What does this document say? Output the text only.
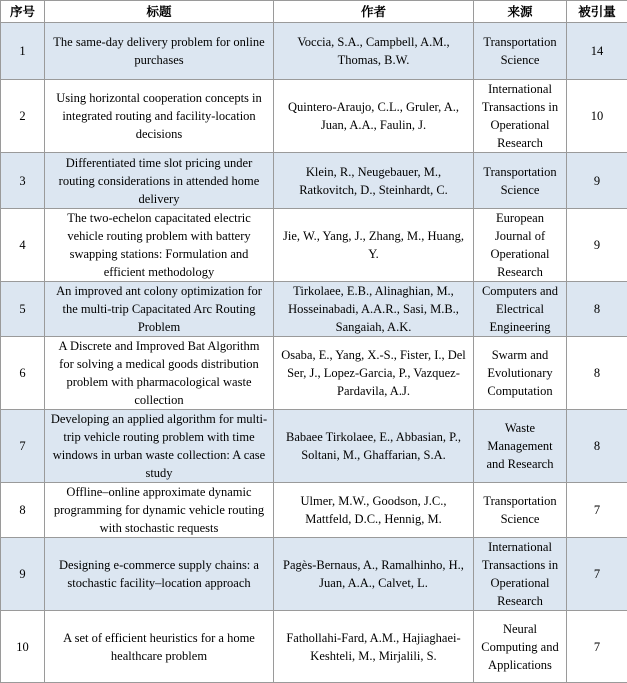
序号	标题	作者	来源	被引量
1	The same-day delivery problem for online purchases	Voccia, S.A., Campbell, A.M., Thomas, B.W.	Transportation Science	14
2	Using horizontal cooperation concepts in integrated routing and facility-location decisions	Quintero-Araujo, C.L., Gruler, A., Juan, A.A., Faulin, J.	International Transactions in Operational Research	10
3	Differentiated time slot pricing under routing considerations in attended home delivery	Klein, R., Neugebauer, M., Ratkovitch, D., Steinhardt, C.	Transportation Science	9
4	The two-echelon capacitated electric vehicle routing problem with battery swapping stations: Formulation and efficient methodology	Jie, W., Yang, J., Zhang, M., Huang, Y.	European Journal of Operational Research	9
5	An improved ant colony optimization for the multi-trip Capacitated Arc Routing Problem	Tirkolaee, E.B., Alinaghian, M., Hosseinabadi, A.A.R., Sasi, M.B., Sangaiah, A.K.	Computers and Electrical Engineering	8
6	A Discrete and Improved Bat Algorithm for solving a medical goods distribution problem with pharmacological waste collection	Osaba, E., Yang, X.-S., Fister, I., Del Ser, J., Lopez-Garcia, P., Vazquez-Pardavila, A.J.	Swarm and Evolutionary Computation	8
7	Developing an applied algorithm for multi-trip vehicle routing problem with time windows in urban waste collection: A case study	Babaee Tirkolaee, E., Abbasian, P., Soltani, M., Ghaffarian, S.A.	Waste Management and Research	8
8	Offline–online approximate dynamic programming for dynamic vehicle routing with stochastic requests	Ulmer, M.W., Goodson, J.C., Mattfeld, D.C., Hennig, M.	Transportation Science	7
9	Designing e-commerce supply chains: a stochastic facility–location approach	Pagès-Bernaus, A., Ramalhinho, H., Juan, A.A., Calvet, L.	International Transactions in Operational Research	7
10	A set of efficient heuristics for a home healthcare problem	Fathollahi-Fard, A.M., Hajiaghaei-Keshteli, M., Mirjalili, S.	Neural Computing and Applications	7
